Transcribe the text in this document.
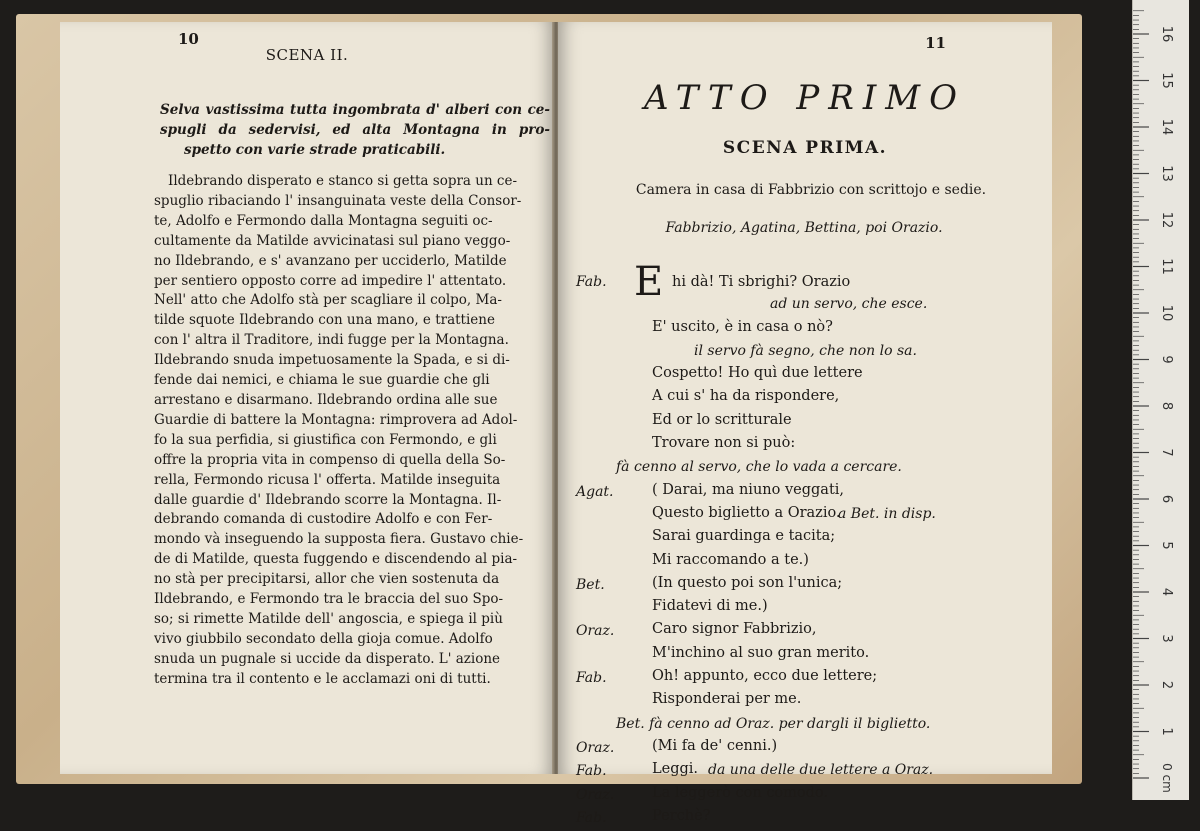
10
SCENA II.
Selva vastissima tutta ingombrata d' alberi con ce-
spugli da sedervisi, ed alta Montagna in pro-
spetto con varie strade praticabili.
Ildebrando disperato e stanco si getta sopra un ce-
spuglio ribaciando l' insanguinata veste della Consor-
te, Adolfo e Fermondo dalla Montagna seguiti oc-
cultamente da Matilde avvicinatasi sul piano veggo-
no Ildebrando, e s' avanzano per ucciderlo, Matilde
per sentiero opposto corre ad impedire l' attentato.
Nell' atto che Adolfo stà per scagliare il colpo, Ma-
tilde squote Ildebrando con una mano, e trattiene
con l' altra il Traditore, indi fugge per la Montagna.
Ildebrando snuda impetuosamente la Spada, e si di-
fende dai nemici, e chiama le sue guardie che gli
arrestano e disarmano. Ildebrando ordina alle sue
Guardie di battere la Montagna: rimprovera ad Adol-
fo la sua perfidia, si giustifica con Fermondo, e gli
offre la propria vita in compenso di quella della So-
rella, Fermondo ricusa l' offerta. Matilde inseguita
dalle guardie d' Ildebrando scorre la Montagna. Il-
debrando comanda di custodire Adolfo e con Fer-
mondo và inseguendo la supposta fiera. Gustavo chie-
de di Matilde, questa fuggendo e discendendo al pia-
no stà per precipitarsi, allor che vien sostenuta da
Ildebrando, e Fermondo tra le braccia del suo Spo-
so; si rimette Matilde dell' angoscia, e spiega il più
vivo giubbilo secondato della gioja comue. Adolfo
snuda un pugnale si uccide da disperato. L' azione
termina tra il contento e le acclamazi oni di tutti.
11
ATTO PRIMO
SCENA PRIMA.
Camera in casa di Fabbrizio con scrittojo e sedie.
Fabbrizio, Agatina, Bettina, poi Orazio.
Fab. E hi dà! Ti sbrighi? Orazio
ad un servo, che esce.
E' uscito, è in casa o nò?
il servo fà segno, che non lo sa.
Cospetto! Ho quì due lettere
A cui s' ha da rispondere,
Ed or lo scritturale
Trovare non si può:
fà cenno al servo, che lo vada a cercare.
Agat.	( Darai, ma niuno veggati,
Questo biglietto a Orazio.
a Bet. in disp.
Sarai guardinga e tacita;
Mi raccomando a te.)
Bet.	(In questo poi son l'unica;
Fidatevi di me.)
Oraz.	Caro signor Fabbrizio,
M'inchino al suo gran merito.
Fab.	Oh! appunto, ecco due lettere;
Risponderai per me.
Bet. fà cenno ad Oraz. per dargli il biglietto.
Oraz.	(Mi fa de' cenni.)
Fab.	Leggi. da una delle due lettere a Oraz.
Oraz.	La leggerò con comodo.
Fab.	Perchè?
1
2
3
4
5
6
7
8
9
10
11
12
13
14
15
16
0 cm
